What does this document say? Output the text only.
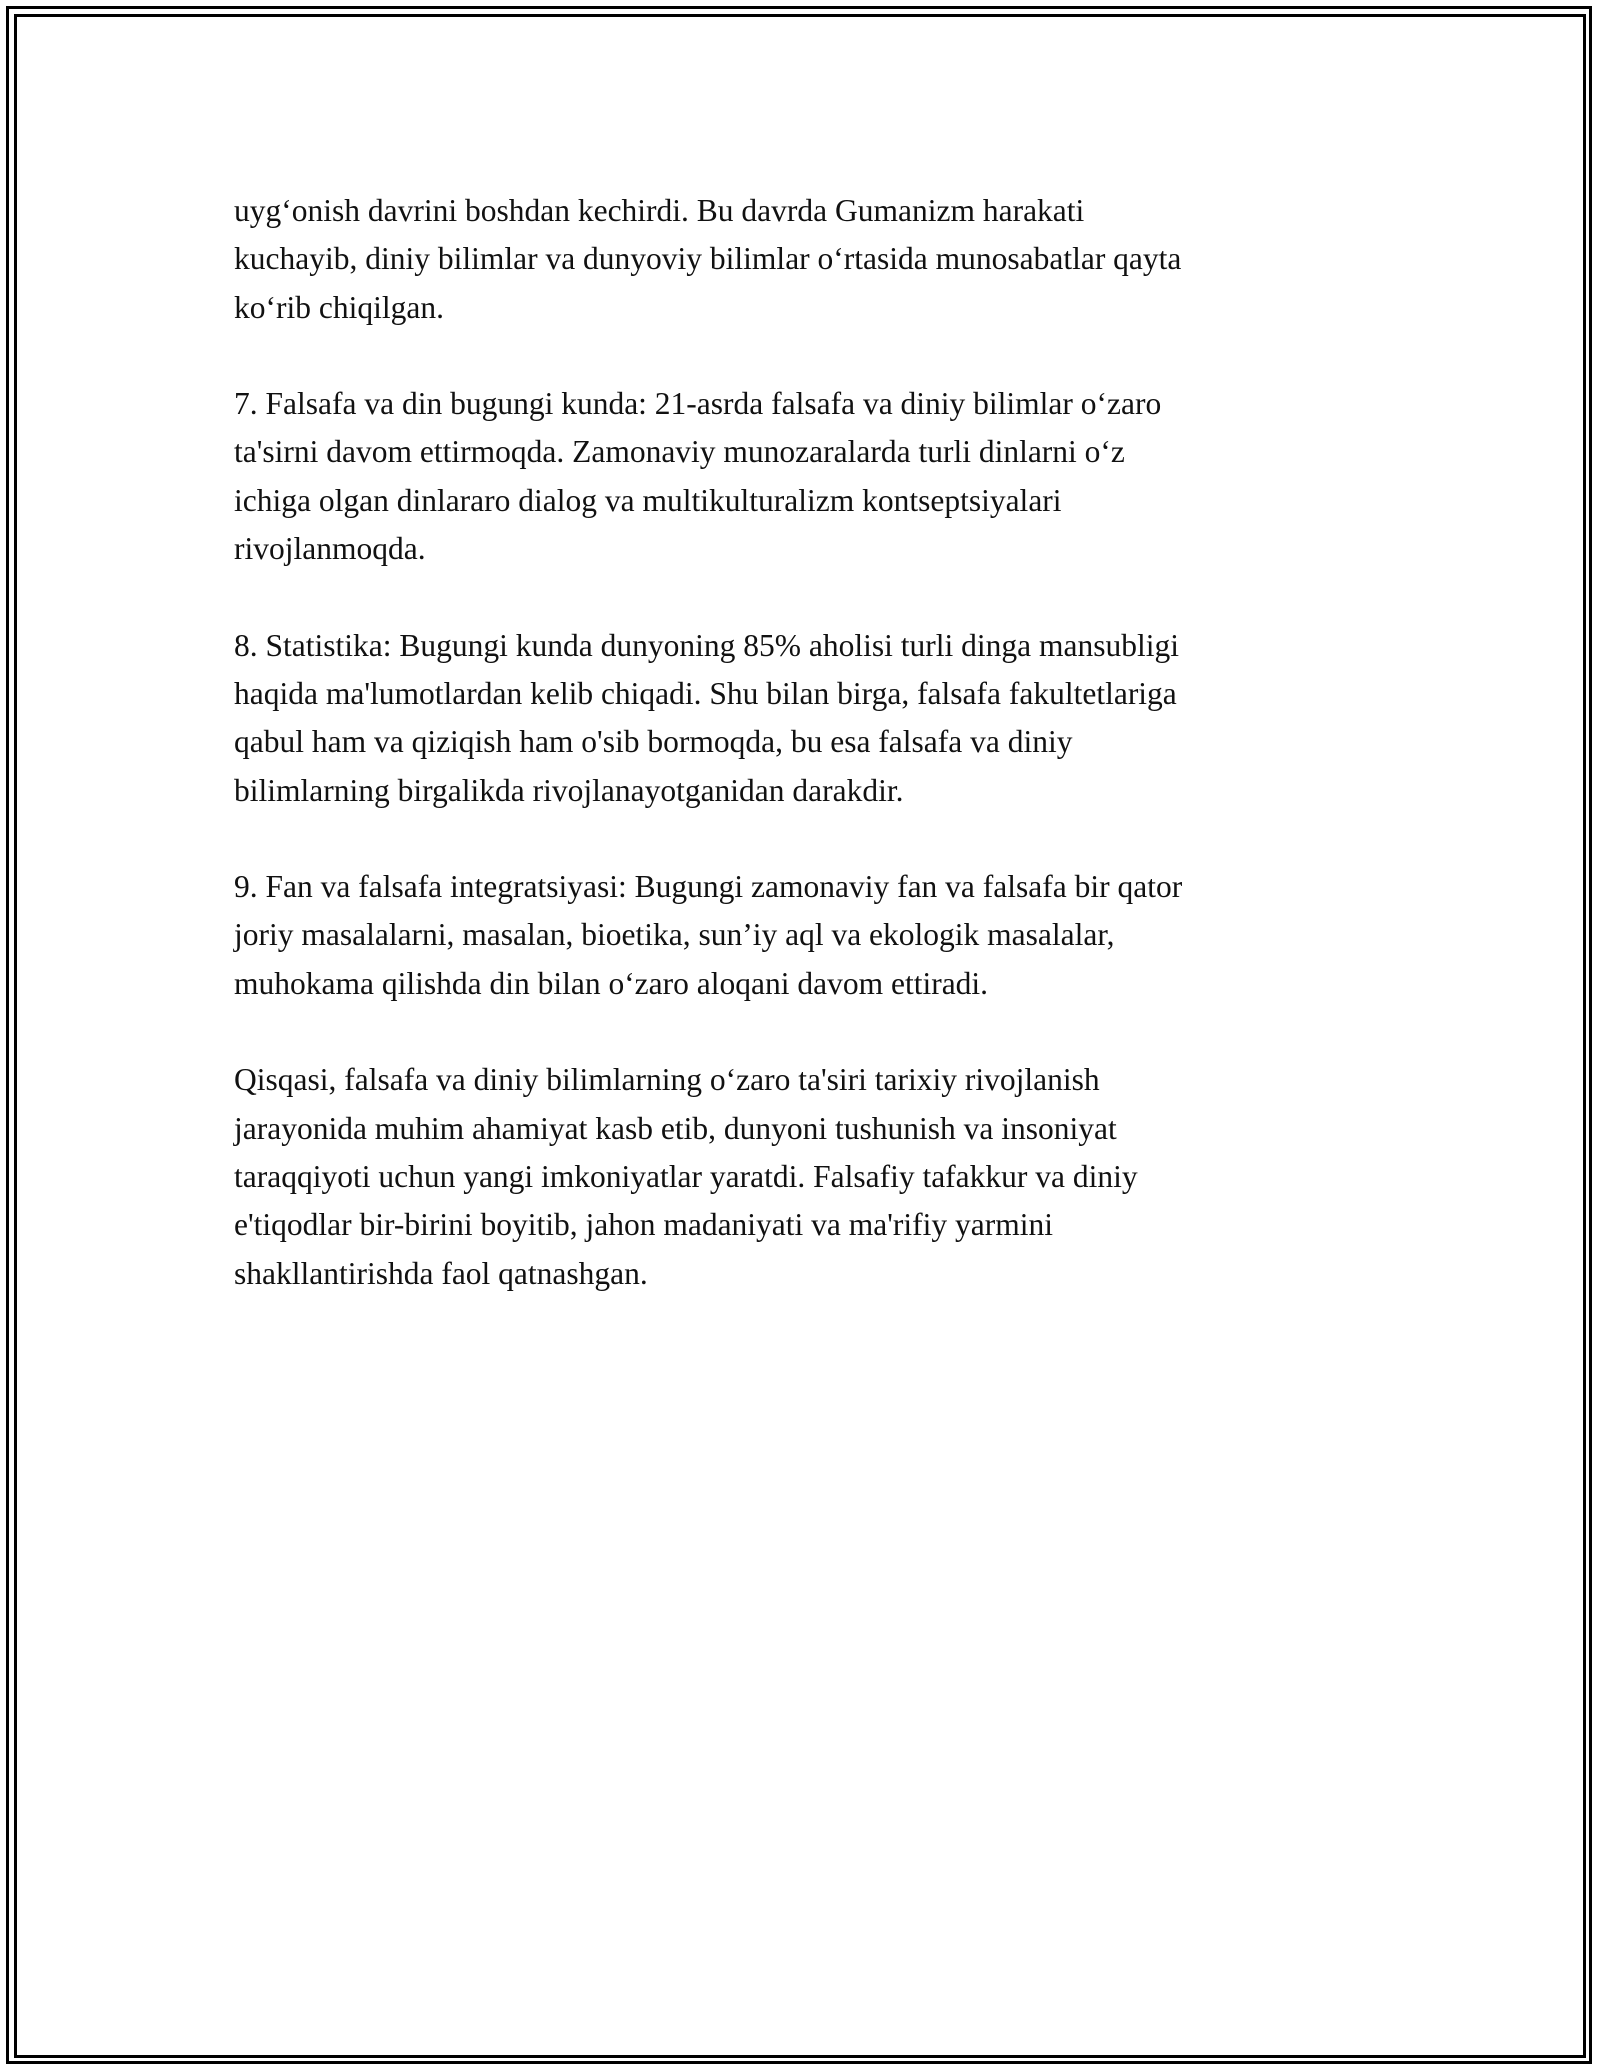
uyg‘onish davrini boshdan kechirdi. Bu davrda Gumanizm harakati
kuchayib, diniy bilimlar va dunyoviy bilimlar o‘rtasida munosabatlar qayta
ko‘rib chiqilgan.

7. Falsafa va din bugungi kunda: 21-asrda falsafa va diniy bilimlar o‘zaro
ta'sirni davom ettirmoqda. Zamonaviy munozaralarda turli dinlarni o‘z
ichiga olgan dinlararo dialog va multikulturalizm kontseptsiyalari
rivojlanmoqda.

8. Statistika: Bugungi kunda dunyoning 85% aholisi turli dinga mansubligi
haqida ma'lumotlardan kelib chiqadi. Shu bilan birga, falsafa fakultetlariga
qabul ham va qiziqish ham o'sib bormoqda, bu esa falsafa va diniy
bilimlarning birgalikda rivojlanayotganidan darakdir.

9. Fan va falsafa integratsiyasi: Bugungi zamonaviy fan va falsafa bir qator
joriy masalalarni, masalan, bioetika, sun’iy aql va ekologik masalalar,
muhokama qilishda din bilan o‘zaro aloqani davom ettiradi.

Qisqasi, falsafa va diniy bilimlarning o‘zaro ta'siri tarixiy rivojlanish
jarayonida muhim ahamiyat kasb etib, dunyoni tushunish va insoniyat
taraqqiyoti uchun yangi imkoniyatlar yaratdi. Falsafiy tafakkur va diniy
e'tiqodlar bir-birini boyitib, jahon madaniyati va ma'rifiy yarmini
shakllantirishda faol qatnashgan.
